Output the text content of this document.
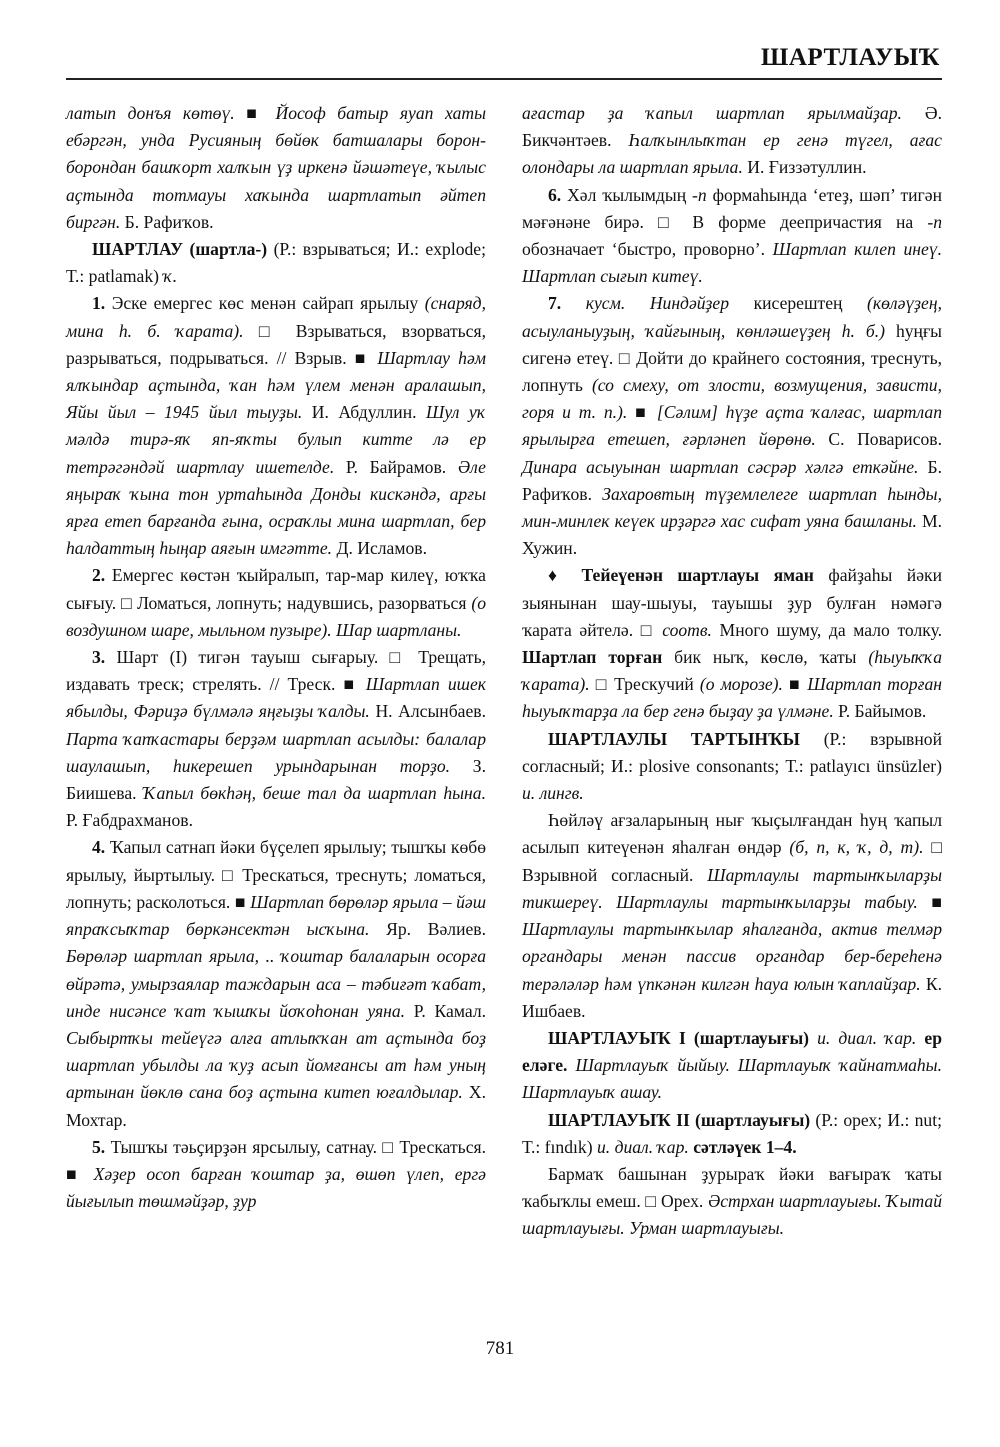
ШАРТЛАУЫҠ

латып донъя көтөү. ■ Йософ батыр яуап хаты ебәргән, унда Русияның бөйөк батшалары борон-борондан башҡорт халҡын үҙ иркенә йәшәтеүе, ҡылыс аҫтында тотмауы хаҡында шартлатып әйтеп биргән. Б. Рафиҡов.

ШАРТЛАУ (шартла-) (Р.: взрываться; И.: explode; Т.: patlamak) ҡ.

1. Эске емергес көс менән сайрап ярылыу (снаряд, мина һ. б. ҡарата). □ Взрываться, взорваться, разрываться, подрываться. // Взрыв. ■ Шартлау һәм ялҡындар аҫтында, ҡан һәм үлем менән аралашып, Яйы йыл – 1945 йыл тыуҙы. И. Абдуллин. Шул уҡ мәлдә тирә-яҡ яп-яҡты булып китте лә ер тетрәгәндәй шартлау ишетелде. Р. Байрамов. Әле яңыраҡ ҡына тон уртаһында Донды кискәндә, арғы ярға етеп барғанда ғына, осраҡлы мина шартлап, бер һалдаттың һыңар аяғын имгәтте. Д. Исламов.

2. Емергес көстән ҡыйралып, тар-мар килеү, юҡҡа сығыу. □ Ломаться, лопнуть; надувшись, разорваться (о воздушном шаре, мыльном пузыре). Шар шартланы.

3. Шарт (I) тигән тауыш сығарыу. □ Трещать, издавать треск; стрелять. // Треск. ■ Шартлап ишек ябылды, Фәриҙә бүлмәлә яңғыҙы ҡалды. Н. Алсынбаев. Парта ҡапҡастары берҙәм шартлап асылды: балалар шаулашып, һикерешеп урындарынан торҙо. З. Биишева. Ҡапыл бөкһәң, беше тал да шартлап һына. Р. Ғабдрахманов.

4. Ҡапыл сатнап йәки бүҫелеп ярылыу; тышҡы көбө ярылыу, йыртылыу. □ Трескаться, треснуть; ломаться, лопнуть; расколоться. ■ Шартлап бөрөләр ярыла – йәш япраҡсыҡтар бөркәнсектән ысҡына. Яр. Вәлиев. Бөрөләр шартлап ярыла, .. ҡоштар балаларын осорға өйрәтә, умырзаялар таждарын аса – тәбиғәт ҡабат, инде нисәнсе ҡат ҡышҡы йоҡоһонан уяна. Р. Камал. Сыбыртҡы тейеүгә алға атлыҡҡан ат аҫтында боҙ шартлап убылды ла ҡуҙ асып йомғансы ат һәм уның артынан йөклө сана боҙ аҫтына китеп юғалдылар. Х. Мохтар.

5. Тышҡы тәьҫирҙән ярсылыу, сатнау. □ Трескаться. ■ Хәҙер осоп барған ҡоштар ҙа, өшөп үлеп, ергә йығылып төшмәйҙәр, ҙур

ағастар ҙа ҡапыл шартлап ярылмайҙар. Ә. Бикчәнтәев. Һалҡынлыҡтан ер генә түгел, ағас олондары ла шартлап ярыла. И. Ғиззәтуллин.

6. Хәл ҡылымдың -п формаһында ‘етеҙ, шәп’ тигән мәғәнәне бирә. □ В форме деепричастия на -п обозначает ‘быстро, проворно’. Шартлап килеп инеү. Шартлап сығып китеү.

7. кусм. Ниндәйҙер кисерештең (көләүҙең, асыуланыуҙың, ҡайғының, көнләшеүҙең һ. б.) һуңғы сигенә етеү. □ Дойти до крайнего состояния, треснуть, лопнуть (со смеху, от злости, возмущения, зависти, горя и т. п.). ■ [Сәлим] һүҙе аҫта ҡалғас, шартлап ярылырға етешеп, ғәрләнеп йөрөнө. С. Поварисов. Динара асыуынан шартлап сәсрәр хәлгә еткәйне. Б. Рафиҡов. Захаровтың түҙемлелеге шартлап һынды, мин-минлек кеүек ирҙәргә хас сифат уяна башланы. М. Хужин.

♦ Тейеүенән шартлауы яман файҙаһы йәки зыянынан шау-шыуы, тауышы ҙур булған нәмәгә ҡарата әйтелә. □ соотв. Много шуму, да мало толку. Шартлап торған бик ныҡ, көслө, ҡаты (һыуыҡҡа ҡарата). □ Трескучий (о морозе). ■ Шартлап торған һыуыҡтарҙа ла бер генә быҙау ҙа үлмәне. Р. Байымов.

ШАРТЛАУЛЫ ТАРТЫНҠЫ (Р.: взрывной согласный; И.: plosive consonants; Т.: patlayıcı ünsüzler) и. лингв.

Һөйләү ағзаларының нығ ҡыҫылғандан һуң ҡапыл асылып китеүенән яһалған өндәр (б, п, к, ҡ, д, т). □ Взрывной согласный. Шартлаулы тартынҡыларҙы тикшереү. Шартлаулы тартынҡыларҙы табыу. ■ Шартлаулы тартынҡылар яһалғанда, актив телмәр органдары менән пассив органдар бер-береһенә терәләләр һәм үпкәнән килгән һауа юлын ҡаплайҙар. К. Ишбаев.

ШАРТЛАУЫҠ I (шартлауығы) и. диал. ҡар. ер еләге. Шартлауыҡ йыйыу. Шартлауыҡ ҡайнатмаһы. Шартлауыҡ ашау.

ШАРТЛАУЫҠ II (шартлауығы) (Р.: орех; И.: nut; Т.: fındık) и. диал. ҡар. сәтләүек 1–4.

Бармаҡ башынан ҙурыраҡ йәки вағыраҡ ҡаты ҡабыҡлы емеш. □ Орех. Әстрхан шартлауығы. Ҡытай шартлауығы. Урман шартлауығы.

781
